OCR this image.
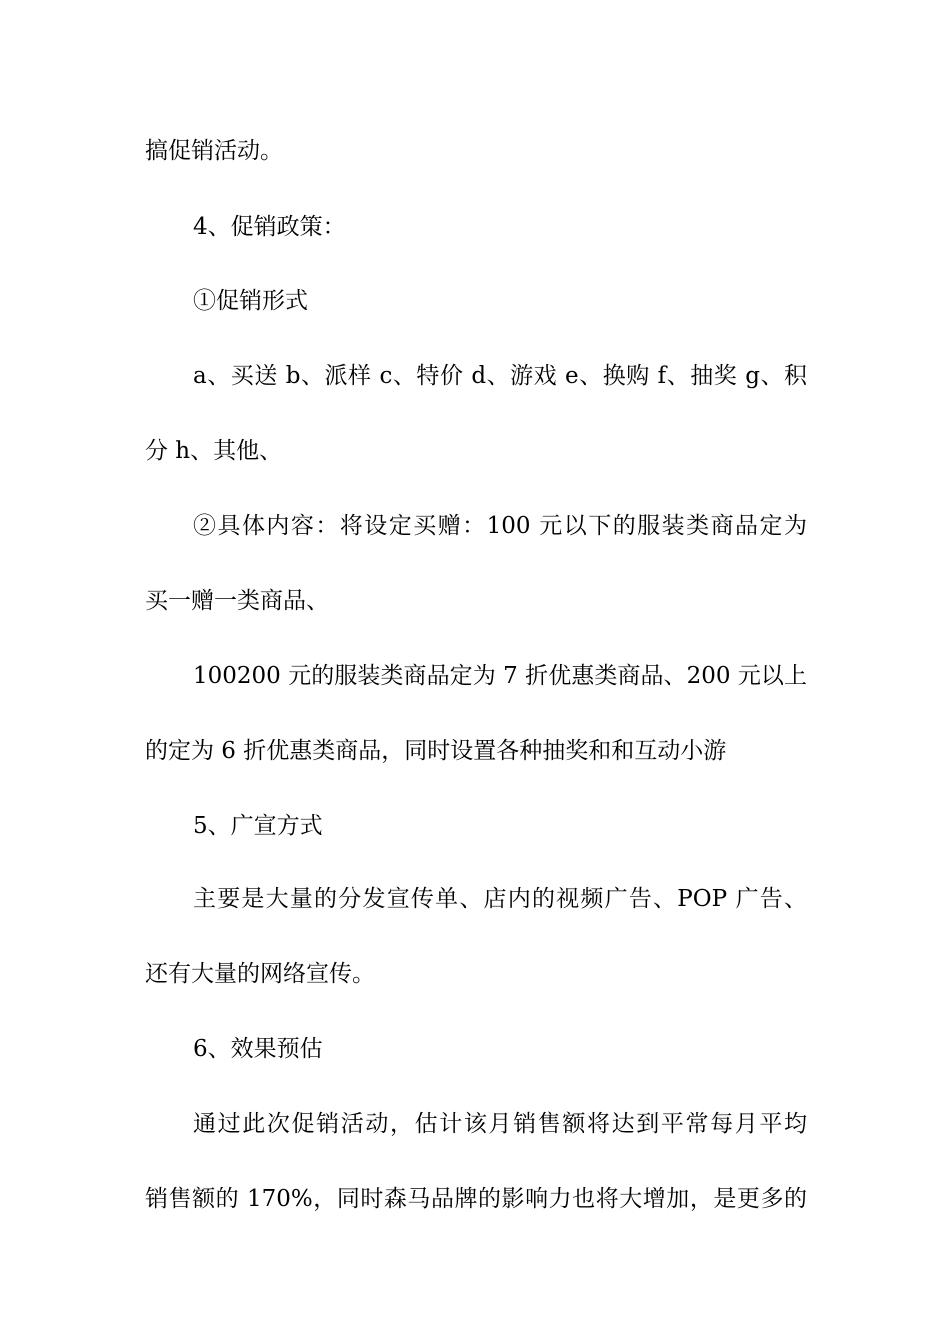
搞促销活动。
4、促销政策：
①促销形式
a、买送 b、派样 c、特价 d、游戏 e、换购 f、抽奖 g、积
分 h、其他、
②具体内容：将设定买赠：100 元以下的服装类商品定为
买一赠一类商品、
100200 元的服装类商品定为 7 折优惠类商品、200 元以上
的定为 6 折优惠类商品，同时设置各种抽奖和和互动小游
5、广宣方式
主要是大量的分发宣传单、店内的视频广告、POP 广告、
还有大量的网络宣传。
6、效果预估
通过此次促销活动，估计该月销售额将达到平常每月平均
销售额的 170%，同时森马品牌的影响力也将大增加，是更多的
